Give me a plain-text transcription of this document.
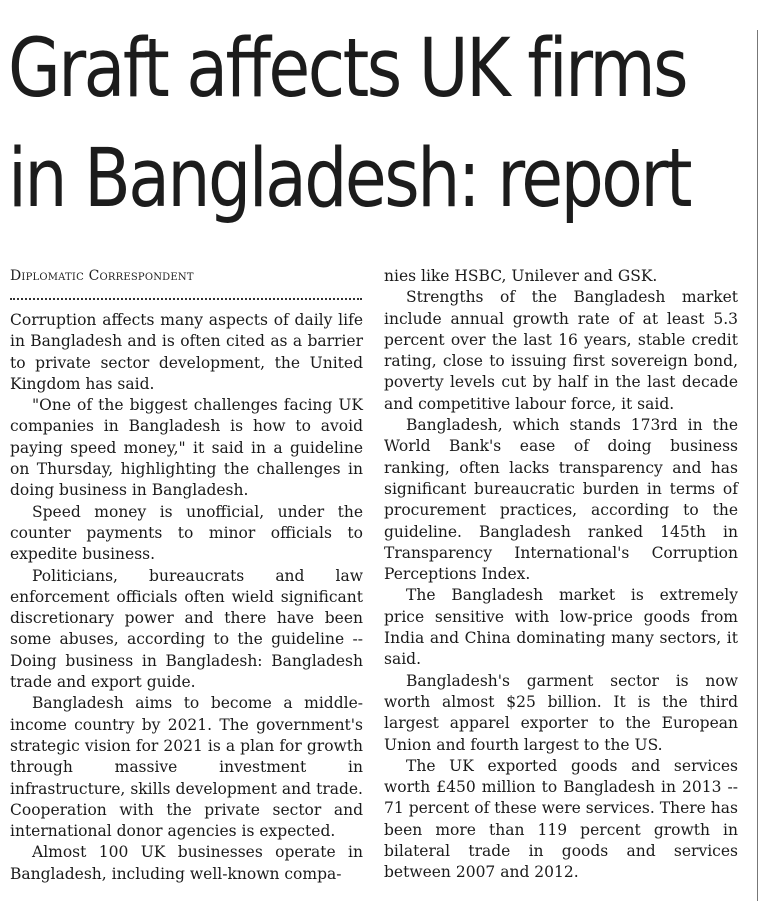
Graft affects UK firms
in Bangladesh: report
Diplomatic Correspondent

Corruption affects many aspects of daily life in Bangladesh and is often cited as a barrier to private sector development, the United Kingdom has said.

"One of the biggest challenges facing UK companies in Bangladesh is how to avoid paying speed money," it said in a guideline on Thursday, highlighting the challenges in doing business in Bangladesh.

Speed money is unofficial, under the counter payments to minor officials to expedite business.

Politicians, bureaucrats and law enforcement officials often wield significant discretionary power and there have been some abuses, according to the guideline -- Doing business in Bangladesh: Bangladesh trade and export guide.

Bangladesh aims to become a middle-income country by 2021. The government's strategic vision for 2021 is a plan for growth through massive investment in infrastructure, skills development and trade. Cooperation with the private sector and international donor agencies is expected.

Almost 100 UK businesses operate in Bangladesh, including well-known compa-

nies like HSBC, Unilever and GSK.

Strengths of the Bangladesh market include annual growth rate of at least 5.3 percent over the last 16 years, stable credit rating, close to issuing first sovereign bond, poverty levels cut by half in the last decade and competitive labour force, it said.

Bangladesh, which stands 173rd in the World Bank's ease of doing business ranking, often lacks transparency and has significant bureaucratic burden in terms of procurement practices, according to the guideline. Bangladesh ranked 145th in Transparency International's Corruption Perceptions Index.

The Bangladesh market is extremely price sensitive with low-price goods from India and China dominating many sectors, it said.

Bangladesh's garment sector is now worth almost $25 billion. It is the third largest apparel exporter to the European Union and fourth largest to the US.

The UK exported goods and services worth £450 million to Bangladesh in 2013 -- 71 percent of these were services. There has been more than 119 percent growth in bilateral trade in goods and services between 2007 and 2012.
